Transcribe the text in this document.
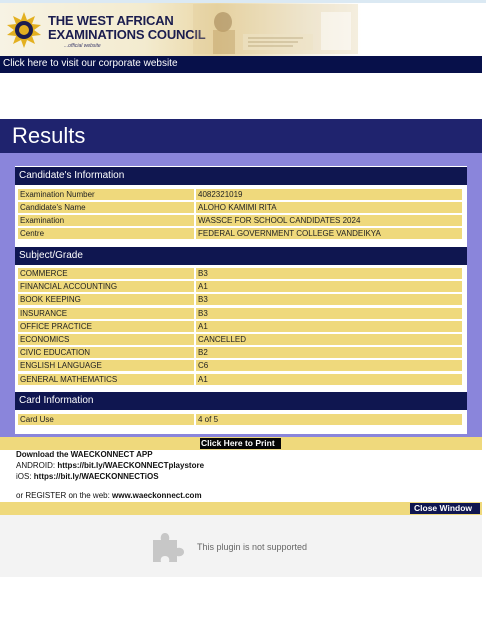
THE WEST AFRICAN
EXAMINATIONS COUNCIL
...official website
Click here to visit our corporate website
Results
Candidate's Information
Examination Number	4082321019
Candidate's Name	ALOHO KAMIMI RITA
Examination	WASSCE FOR SCHOOL CANDIDATES 2024
Centre	FEDERAL GOVERNMENT COLLEGE VANDEIKYA
Subject/Grade
COMMERCE	B3
FINANCIAL ACCOUNTING	A1
BOOK KEEPING	B3
INSURANCE	B3
OFFICE PRACTICE	A1
ECONOMICS	CANCELLED
CIVIC EDUCATION	B2
ENGLISH LANGUAGE	C6
GENERAL MATHEMATICS	A1
Card Information
Card Use	4 of 5
Click Here to Print
Download the WAECKONNECT APP
ANDROID: https://bit.ly/WAECKONNECTplaystore
iOS: https://bit.ly/WAECKONNECTiOS
or REGISTER on the web: www.waeckonnect.com
Close Window
This plugin is not supported
